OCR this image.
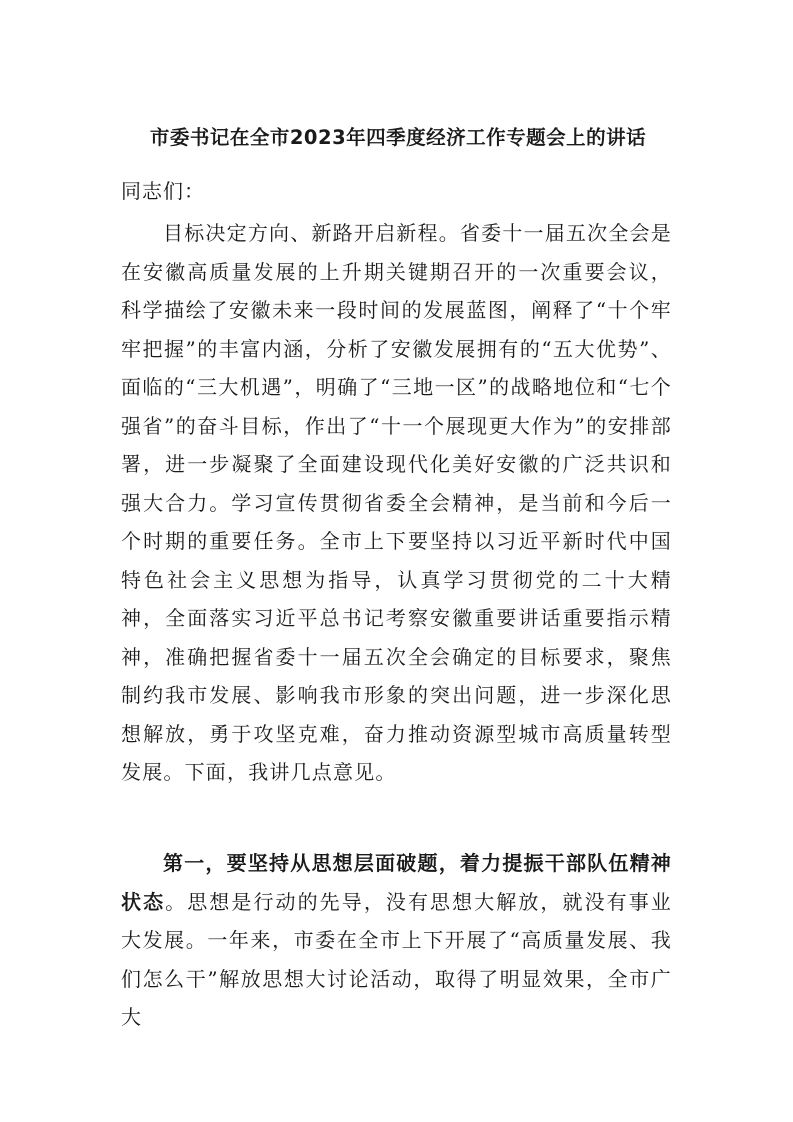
市委书记在全市2023年四季度经济工作专题会上的讲话
同志们：

目标决定方向、新路开启新程。省委十一届五次全会是在安徽高质量发展的上升期关键期召开的一次重要会议，科学描绘了安徽未来一段时间的发展蓝图，阐释了“十个牢牢把握”的丰富内涵，分析了安徽发展拥有的“五大优势”、面临的“三大机遇”，明确了“三地一区”的战略地位和“七个强省”的奋斗目标，作出了“十一个展现更大作为”的安排部署，进一步凝聚了全面建设现代化美好安徽的广泛共识和强大合力。学习宣传贯彻省委全会精神，是当前和今后一个时期的重要任务。全市上下要坚持以习近平新时代中国特色社会主义思想为指导，认真学习贯彻党的二十大精神，全面落实习近平总书记考察安徽重要讲话重要指示精神，准确把握省委十一届五次全会确定的目标要求，聚焦制约我市发展、影响我市形象的突出问题，进一步深化思想解放，勇于攻坚克难，奋力推动资源型城市高质量转型发展。下面，我讲几点意见。

第一，要坚持从思想层面破题，着力提振干部队伍精神状态。思想是行动的先导，没有思想大解放，就没有事业大发展。一年来，市委在全市上下开展了“高质量发展、我们怎么干”解放思想大讨论活动，取得了明显效果，全市广大
